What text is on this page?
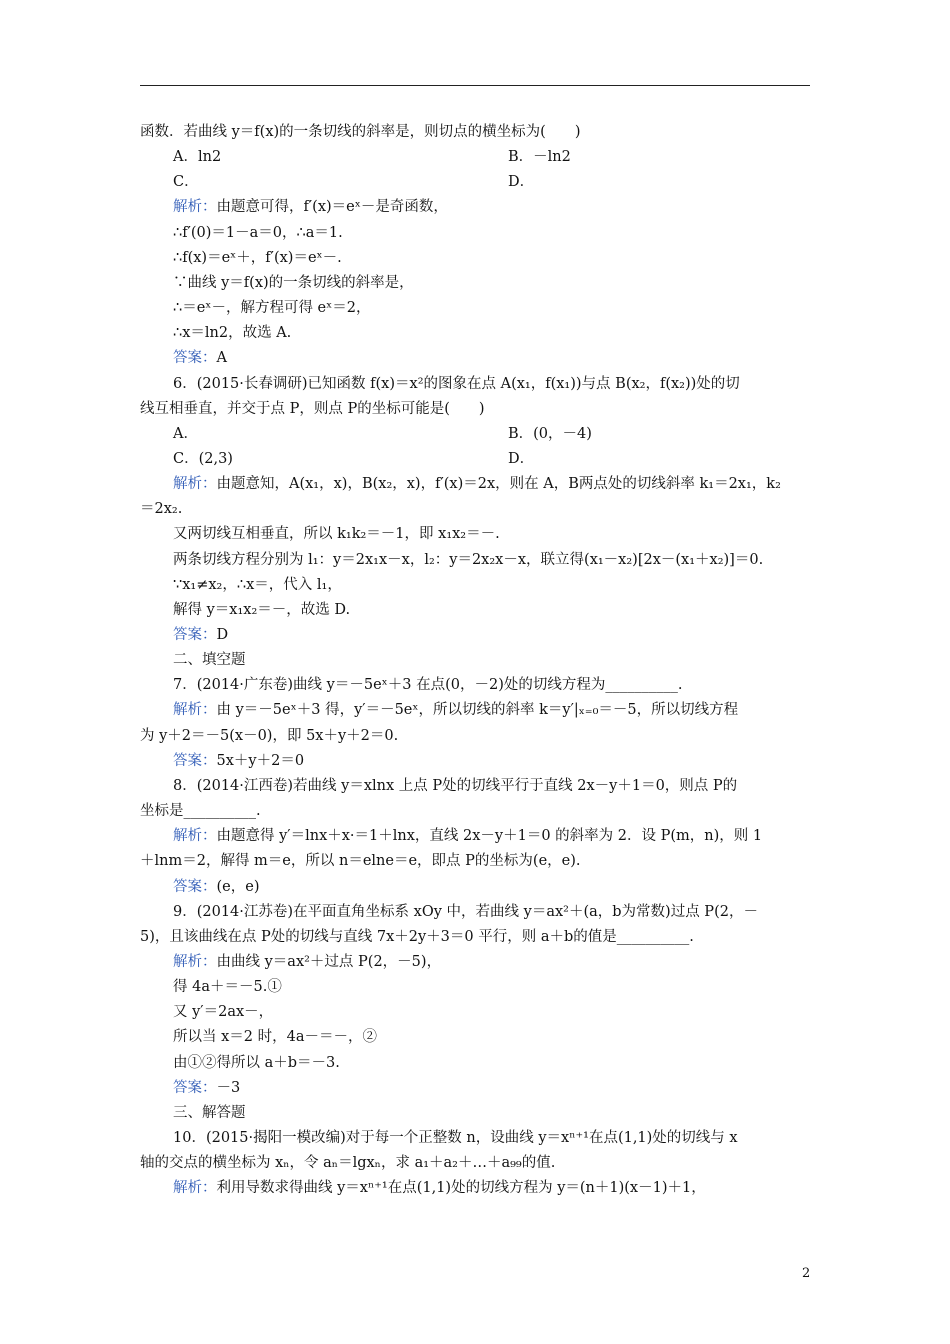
函数．若曲线 y＝f(x)的一条切线的斜率是，则切点的横坐标为(　　)
A．ln2	B．－ln2
C．	D．
解析：由题意可得，f′(x)＝eˣ－是奇函数，
∴f′(0)＝1－a＝0，∴a＝1.
∴f(x)＝eˣ＋，f′(x)＝eˣ－.
∵曲线 y＝f(x)的一条切线的斜率是，
∴＝eˣ－，解方程可得 eˣ＝2，
∴x＝ln2，故选 A.
答案：A
6．(2015·长春调研)已知函数 f(x)＝x²的图象在点 A(x₁，f(x₁))与点 B(x₂，f(x₂))处的切
线互相垂直，并交于点 P，则点 P的坐标可能是(　　)
A．	B．(0，－4)
C．(2,3)	D．
解析：由题意知，A(x₁，x)，B(x₂，x)，f′(x)＝2x，则在 A，B两点处的切线斜率 k₁＝2x₁，k₂
＝2x₂.
又两切线互相垂直，所以 k₁k₂＝－1，即 x₁x₂＝－.
两条切线方程分别为 l₁：y＝2x₁x－x，l₂：y＝2x₂x－x，联立得(x₁－x₂)[2x－(x₁＋x₂)]＝0.
∵x₁≠x₂，∴x＝，代入 l₁，
解得 y＝x₁x₂＝－，故选 D.
答案：D
二、填空题
7．(2014·广东卷)曲线 y＝－5eˣ＋3 在点(0，－2)处的切线方程为__________.
解析：由 y＝－5eˣ＋3 得，y′＝－5eˣ，所以切线的斜率 k＝y′|ₓ₌₀＝－5，所以切线方程
为 y＋2＝－5(x－0)，即 5x＋y＋2＝0.
答案：5x＋y＋2＝0
8．(2014·江西卷)若曲线 y＝xlnx 上点 P处的切线平行于直线 2x－y＋1＝0，则点 P的
坐标是__________.
解析：由题意得 y′＝lnx＋x·＝1＋lnx，直线 2x－y＋1＝0 的斜率为 2．设 P(m，n)，则 1
＋lnm＝2，解得 m＝e，所以 n＝elne＝e，即点 P的坐标为(e，e).
答案：(e，e)
9．(2014·江苏卷)在平面直角坐标系 xOy 中，若曲线 y＝ax²＋(a，b为常数)过点 P(2，－
5)，且该曲线在点 P处的切线与直线 7x＋2y＋3＝0 平行，则 a＋b的值是__________.
解析：由曲线 y＝ax²＋过点 P(2，－5)，
得 4a＋＝－5.①
又 y′＝2ax－，
所以当 x＝2 时，4a－＝－，②
由①②得所以 a＋b＝－3.
答案：－3
三、解答题
10．(2015·揭阳一模改编)对于每一个正整数 n，设曲线 y＝xⁿ⁺¹在点(1,1)处的切线与 x
轴的交点的横坐标为 xₙ，令 aₙ＝lgxₙ，求 a₁＋a₂＋…＋a₉₉的值.
解析：利用导数求得曲线 y＝xⁿ⁺¹在点(1,1)处的切线方程为 y＝(n＋1)(x－1)＋1，
2
